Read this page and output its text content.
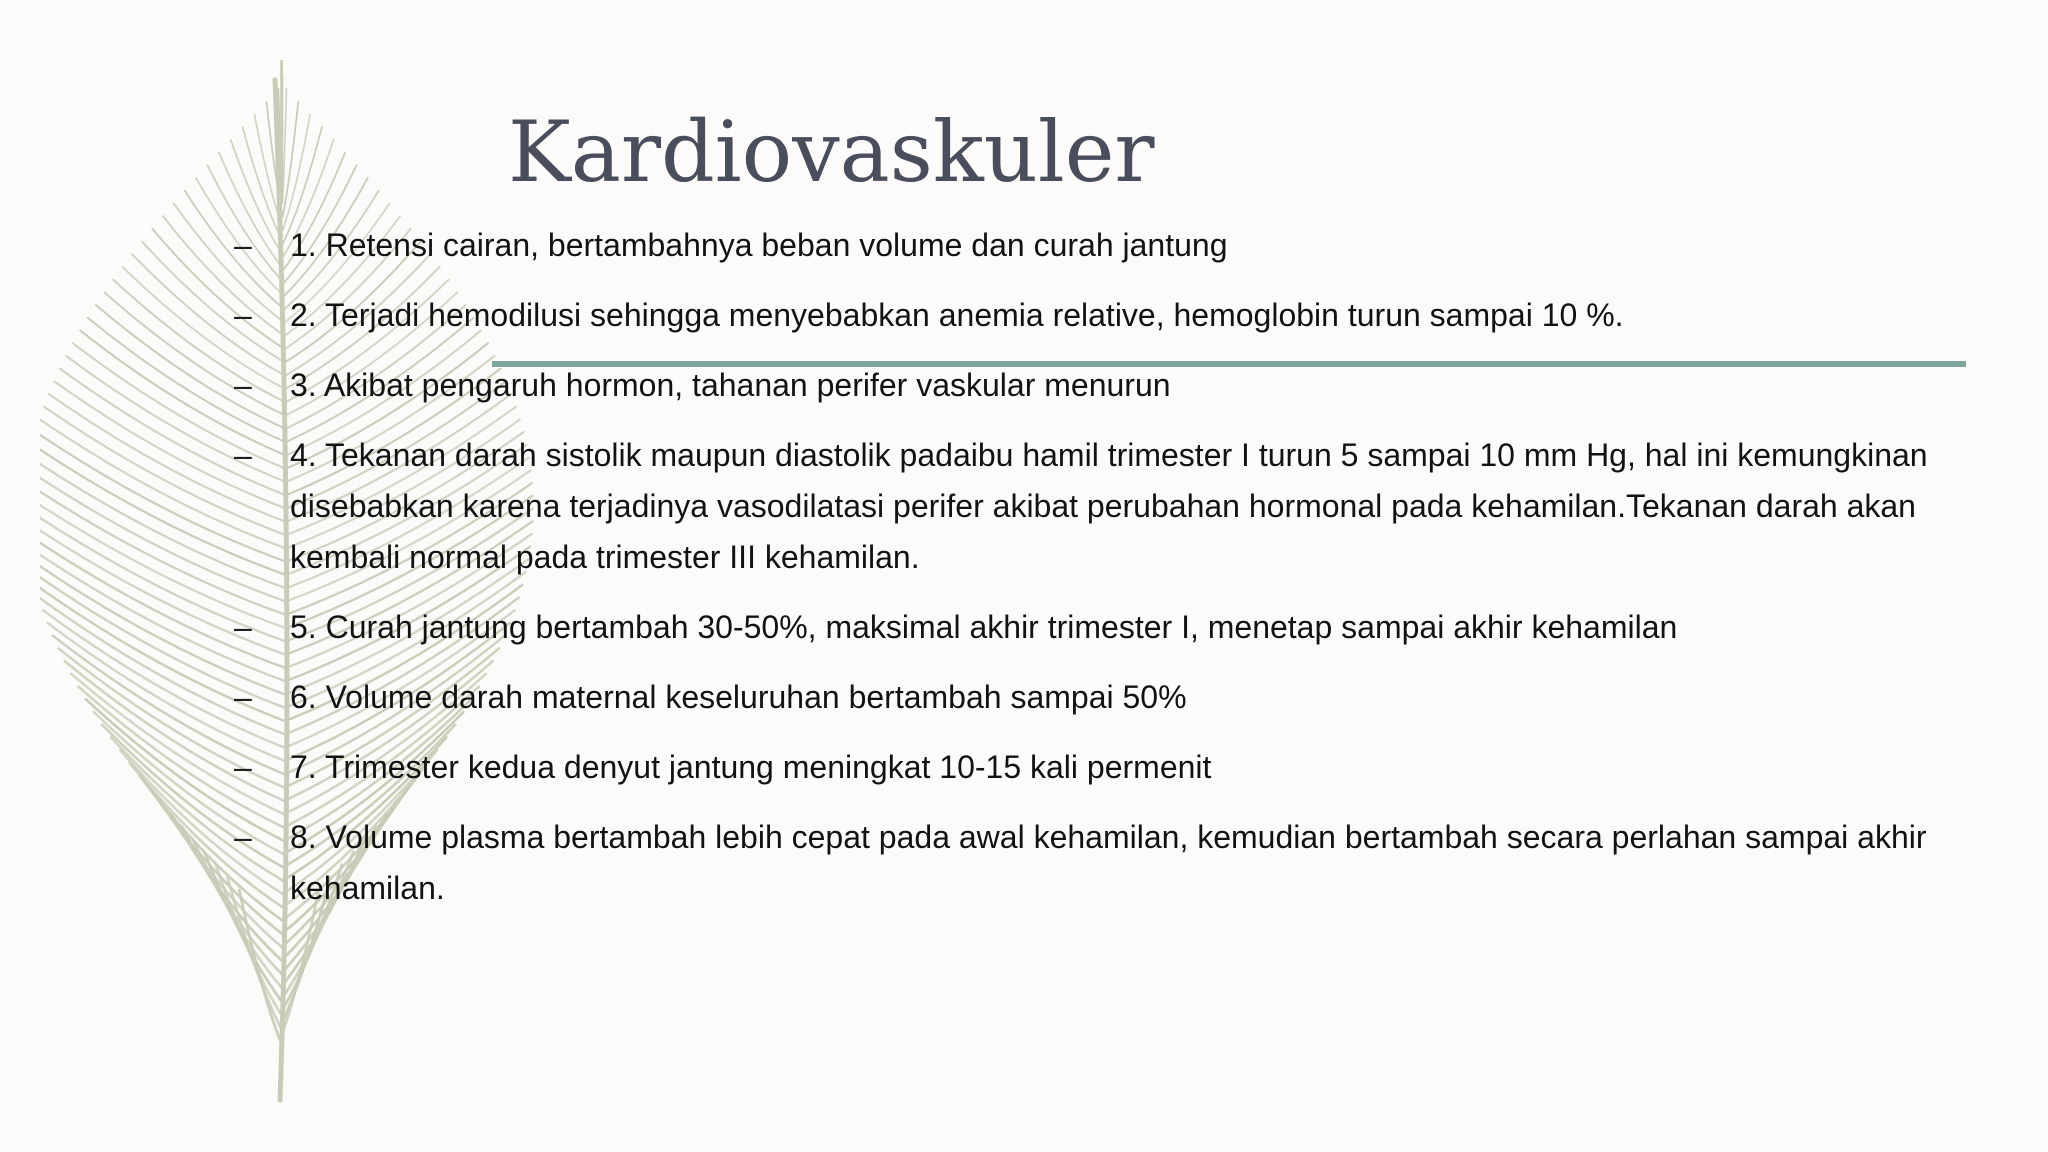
Kardiovaskuler
– 1. Retensi cairan, bertambahnya beban volume dan curah jantung
– 2. Terjadi hemodilusi sehingga menyebabkan anemia relative, hemoglobin turun sampai 10 %.
– 3. Akibat pengaruh hormon, tahanan perifer vaskular menurun
– 4. Tekanan darah sistolik maupun diastolik padaibu hamil trimester I turun 5 sampai 10 mm Hg, hal ini kemungkinan disebabkan karena terjadinya vasodilatasi perifer akibat perubahan hormonal pada kehamilan.Tekanan darah akan kembali normal pada trimester III kehamilan.
– 5. Curah jantung bertambah 30-50%, maksimal akhir trimester I, menetap sampai akhir kehamilan
– 6. Volume darah maternal keseluruhan bertambah sampai 50%
– 7. Trimester kedua denyut jantung meningkat 10-15 kali permenit
– 8. Volume plasma bertambah lebih cepat pada awal kehamilan, kemudian bertambah secara perlahan sampai akhir kehamilan.
